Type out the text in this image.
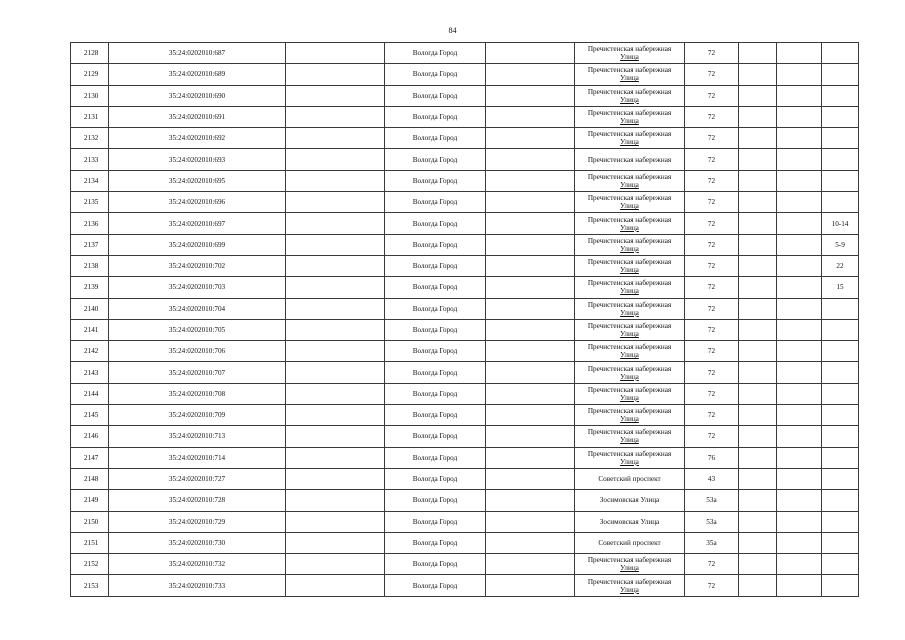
84
2128	35:24:0202010:687		Вологда Город		Пречистенская набережная
Улица	72			
2129	35:24:0202010:689		Вологда Город		Пречистенская набережная
Улица	72			
2130	35:24:0202010:690		Вологда Город		Пречистенская набережная
Улица	72			
2131	35:24:0202010:691		Вологда Город		Пречистенская набережная
Улица	72			
2132	35:24:0202010:692		Вологда Город		Пречистенская набережная
Улица	72			
2133	35:24:0202010:693		Вологда Город		Пречистенская набережная	72			
2134	35:24:0202010:695		Вологда Город		Пречистенская набережная
Улица	72			
2135	35:24:0202010:696		Вологда Город		Пречистенская набережная
Улица	72			
2136	35:24:0202010:697		Вологда Город		Пречистенская набережная
Улица	72			10-14
2137	35:24:0202010:699		Вологда Город		Пречистенская набережная
Улица	72			5-9
2138	35:24:0202010:702		Вологда Город		Пречистенская набережная
Улица	72			22
2139	35:24:0202010:703		Вологда Город		Пречистенская набережная
Улица	72			15
2140	35:24:0202010:704		Вологда Город		Пречистенская набережная
Улица	72			
2141	35:24:0202010:705		Вологда Город		Пречистенская набережная
Улица	72			
2142	35:24:0202010:706		Вологда Город		Пречистенская набережная
Улица	72			
2143	35:24:0202010:707		Вологда Город		Пречистенская набережная
Улица	72			
2144	35:24:0202010:708		Вологда Город		Пречистенская набережная
Улица	72			
2145	35:24:0202010:709		Вологда Город		Пречистенская набережная
Улица	72			
2146	35:24:0202010:713		Вологда Город		Пречистенская набережная
Улица	72			
2147	35:24:0202010:714		Вологда Город		Пречистенская набережная
Улица	76			
2148	35:24:0202010:727		Вологда Город		Советский проспект	43			
2149	35:24:0202010:728		Вологда Город		Зосимовская Улица	53а			
2150	35:24:0202010:729		Вологда Город		Зосимовская Улица	53а			
2151	35:24:0202010:730		Вологда Город		Советский проспект	35а			
2152	35:24:0202010:732		Вологда Город		Пречистенская набережная
Улица	72			
2153	35:24:0202010:733		Вологда Город		Пречистенская набережная
Улица	72			
